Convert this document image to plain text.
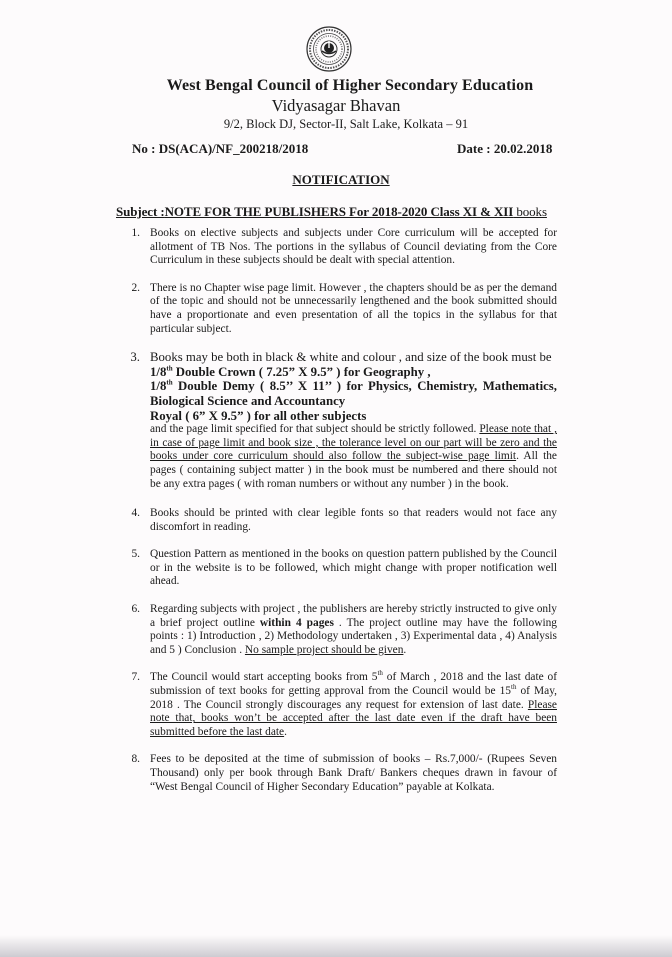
West Bengal Council of Higher Secondary Education
Vidyasagar Bhavan
9/2, Block DJ, Sector-II, Salt Lake, Kolkata – 91
No : DS(ACA)/NF_200218/2018	Date : 20.02.2018
NOTIFICATION
Subject :NOTE FOR THE PUBLISHERS For 2018-2020 Class XI & XII books
1. Books on elective subjects and subjects under Core curriculum will be accepted for allotment of TB Nos. The portions in the syllabus of Council deviating from the Core Curriculum in these subjects should be dealt with special attention.
2. There is no Chapter wise page limit. However , the chapters should be as per the demand of the topic and should not be unnecessarily lengthened and the book submitted should have a proportionate and even presentation of all the topics in the syllabus for that particular subject.
3. Books may be both in black & white and colour , and size of the book must be
1/8th Double Crown ( 7.25” X 9.5” ) for Geography ,
1/8th Double Demy ( 8.5’’ X 11’’ ) for Physics, Chemistry, Mathematics, Biological Science and Accountancy
Royal ( 6” X 9.5” ) for all other subjects
and the page limit specified for that subject should be strictly followed. Please note that , in case of page limit and book size , the tolerance level on our part will be zero and the books under core curriculum should also follow the subject-wise page limit. All the pages ( containing subject matter ) in the book must be numbered and there should not be any extra pages ( with roman numbers or without any number ) in the book.
4. Books should be printed with clear legible fonts so that readers would not face any discomfort in reading.
5. Question Pattern as mentioned in the books on question pattern published by the Council or in the website is to be followed, which might change with proper notification well ahead.
6. Regarding subjects with project , the publishers are hereby strictly instructed to give only a brief project outline within 4 pages . The project outline may have the following points : 1) Introduction , 2) Methodology undertaken , 3) Experimental data , 4) Analysis and 5 ) Conclusion . No sample project should be given.
7. The Council would start accepting books from 5th of March , 2018 and the last date of submission of text books for getting approval from the Council would be 15th of May, 2018 . The Council strongly discourages any request for extension of last date. Please note that, books won’t be accepted after the last date even if the draft have been submitted before the last date.
8. Fees to be deposited at the time of submission of books – Rs.7,000/- (Rupees Seven Thousand) only per book through Bank Draft/ Bankers cheques drawn in favour of “West Bengal Council of Higher Secondary Education” payable at Kolkata.
